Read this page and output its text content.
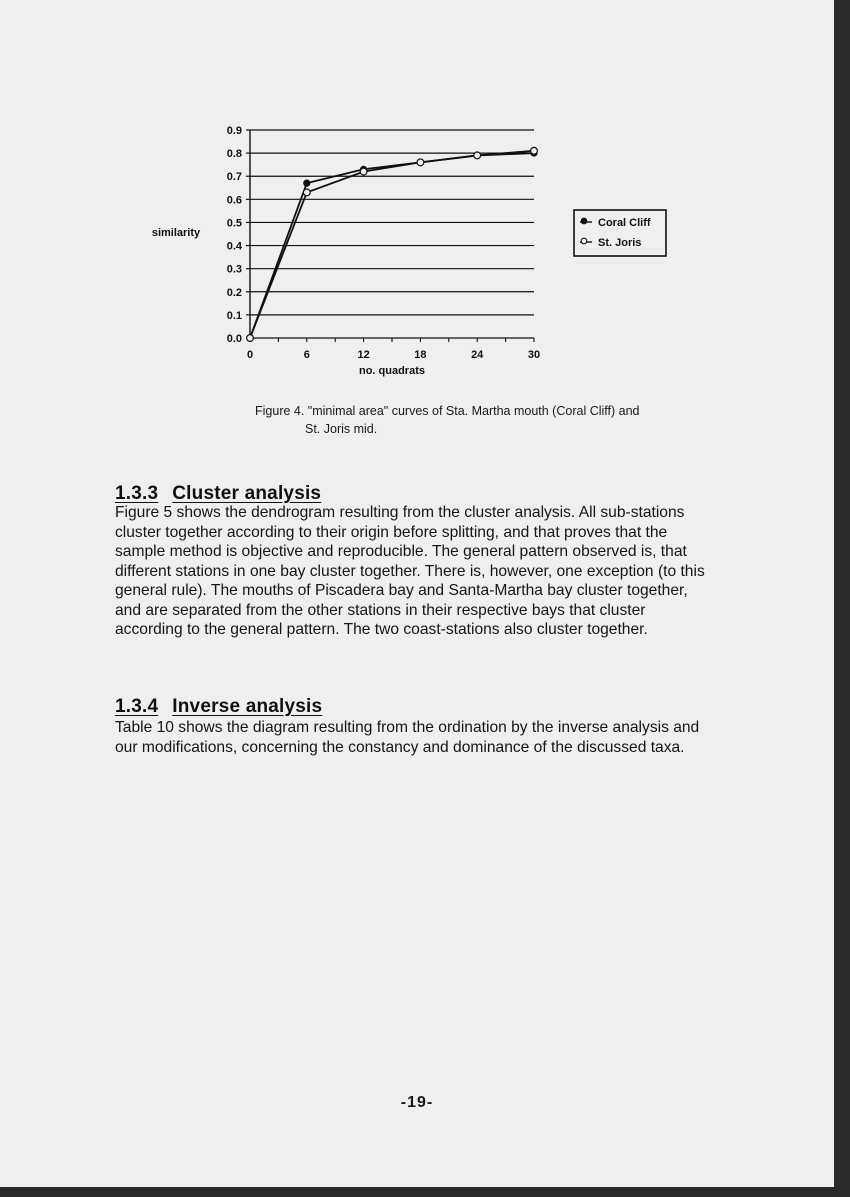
0.0
0.1
0.2
0.3
0.4
0.5
0.6
0.7
0.8
0.9
0	6	12	18	24	30
similarity
no. quadrats
Coral Cliff
St. Joris
Figure 4. "minimal area" curves of Sta. Martha mouth (Coral Cliff) and
St. Joris mid.
1.3.3 Cluster analysis

Figure 5 shows the dendrogram resulting from the cluster analysis. All sub-stations cluster together according to their origin before splitting, and that proves that the sample method is objective and reproducible. The general pattern observed is, that different stations in one bay cluster together. There is, however, one exception (to this general rule). The mouths of Piscadera bay and Santa-Martha bay cluster together, and are separated from the other stations in their respective bays that cluster according to the general pattern. The two coast-stations also cluster together.

1.3.4 Inverse analysis

Table 10 shows the diagram resulting from the ordination by the inverse analysis and our modifications, concerning the constancy and dominance of the discussed taxa.

-19-
